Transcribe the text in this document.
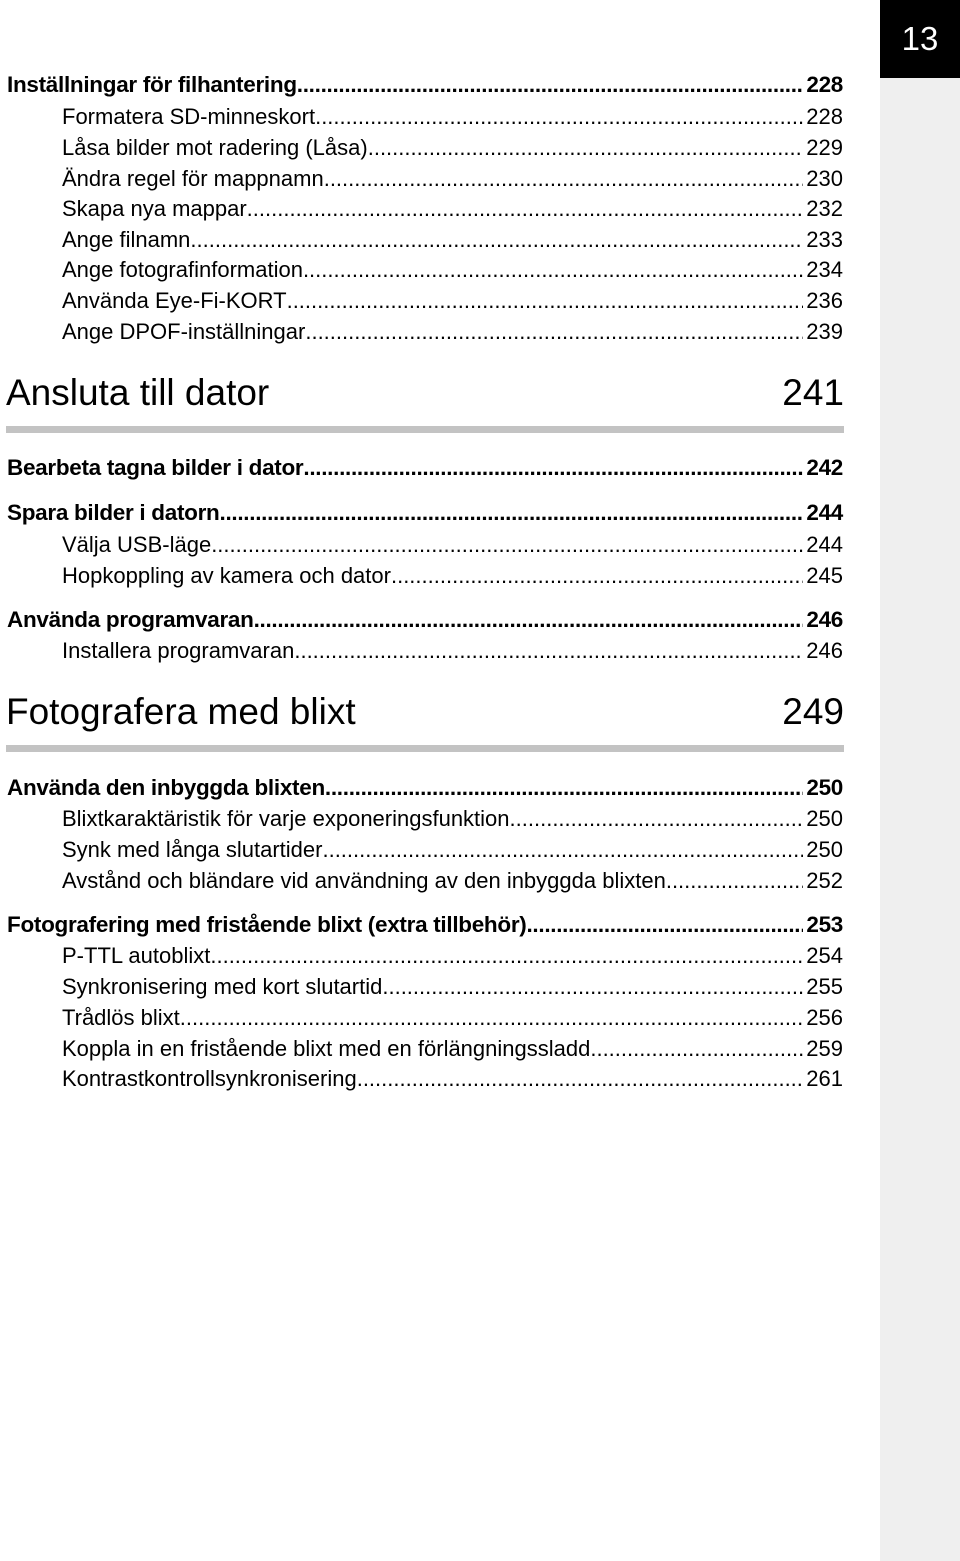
13
Inställningar för filhantering .....	228
Formatera SD-minneskort .....	228
Låsa bilder mot radering (Låsa) .....	229
Ändra regel för mappnamn .....	230
Skapa nya mappar .....	232
Ange filnamn .....	233
Ange fotografinformation .....	234
Använda Eye-Fi-KORT .....	236
Ange DPOF-inställningar .....	239
Ansluta till dator	241
Bearbeta tagna bilder i dator .....	242
Spara bilder i datorn .....	244
Välja USB-läge .....	244
Hopkoppling av kamera och dator .....	245
Använda programvaran .....	246
Installera programvaran .....	246
Fotografera med blixt	249
Använda den inbyggda blixten .....	250
Blixtkaraktäristik för varje exponeringsfunktion .....	250
Synk med långa slutartider .....	250
Avstånd och bländare vid användning av den inbyggda blixten .....	252
Fotografering med fristående blixt (extra tillbehör) .....	253
P-TTL autoblixt .....	254
Synkronisering med kort slutartid .....	255
Trådlös blixt .....	256
Koppla in en fristående blixt med en förlängningssladd .....	259
Kontrastkontrollsynkronisering .....	261
